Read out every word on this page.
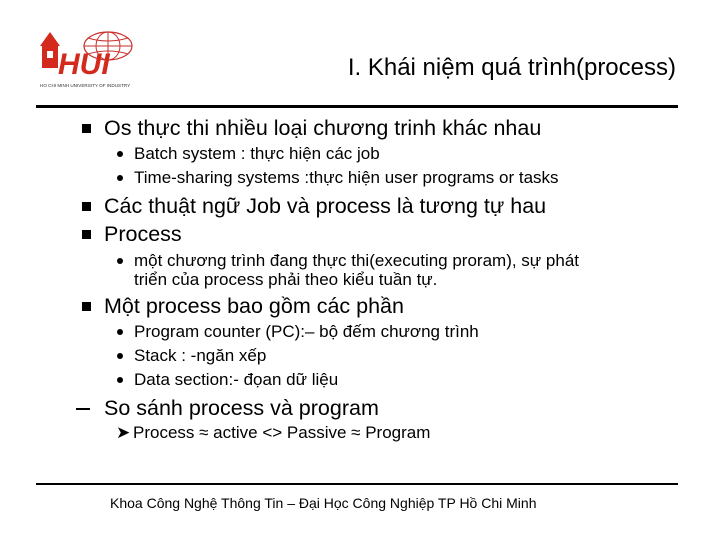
HUI
HO CHI MINH UNIVERSITY OF INDUSTRY
I. Khái niệm quá trình(process)
Os thực thi nhiều loại chương trinh khác nhau
Batch system : thực hiện các job
Time-sharing systems :thực hiện user programs or tasks
Các thuật ngữ Job và process là tương tự hau
Process
một chương trình đang thực thi(executing proram), sự phát
triển của process phải theo kiểu tuần tự.
Một process bao gồm các phần
Program counter (PC):– bộ đếm chương trình
Stack : -ngăn xếp
Data section:- đọan dữ liệu
So sánh process và program
➤ Process ≈ active <> Passive ≈ Program
Khoa Công Nghệ Thông Tin – Đại Học Công Nghiệp TP Hồ Chi Minh
